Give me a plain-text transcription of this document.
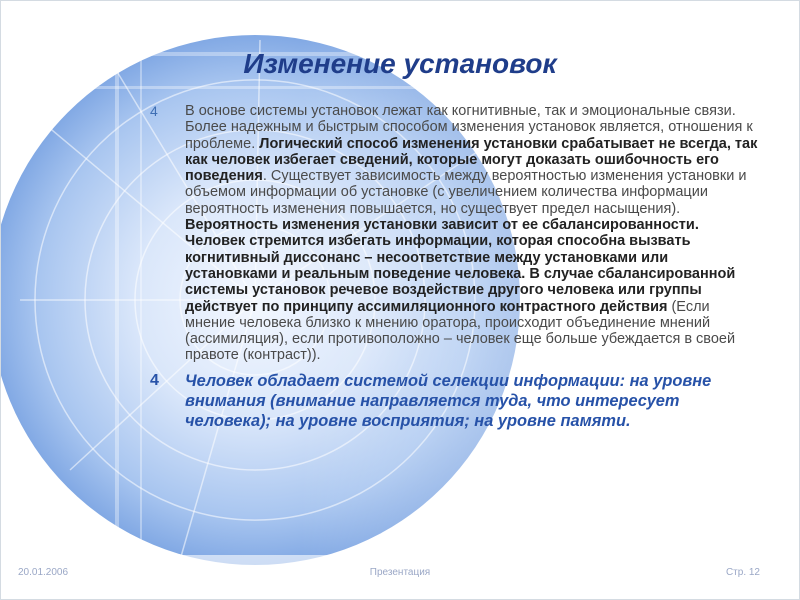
Изменение установок
4 В основе системы установок лежат как когнитивные, так и эмоциональные связи. Более надежным и быстрым способом изменения установок является, отношения к проблеме. Логический способ изменения установки срабатывает не всегда, так как человек избегает сведений, которые могут доказать ошибочность его поведения. Существует зависимость между вероятностью изменения установки и объемом информации об установке (с увеличением количества информации вероятность изменения повышается, но существует предел насыщения). Вероятность изменения установки зависит от ее сбалансированности. Человек стремится избегать информации, которая способна вызвать когнитивный диссонанс – несоответствие между установками или установками и реальным поведение человека. В случае сбалансированной системы установок речевое воздействие другого человека или группы действует по принципу ассимиляционного контрастного действия (Если мнение человека близко к мнению оратора, происходит объединение мнений (ассимиляция), если противоположно – человек еще больше убеждается в своей правоте (контраст)).
4 Человек обладает системой селекции информации: на уровне внимания (внимание направляется туда, что интересует человека); на уровне восприятия; на уровне памяти.
20.01.2006	Презентация	Стр. 12
